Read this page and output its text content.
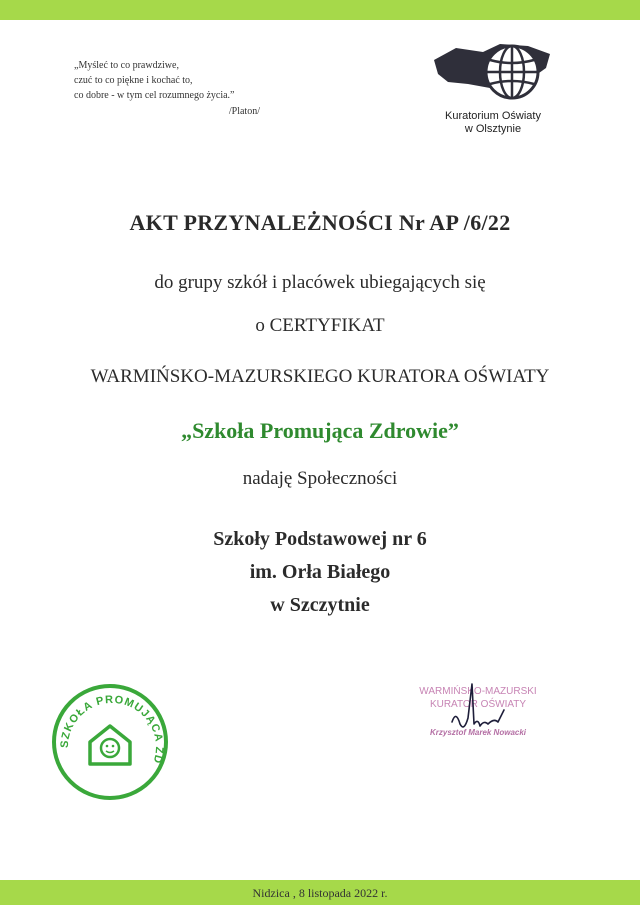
„Myśleć to co prawdziwe,
czuć to co piękne i kochać to,
co dobre - w tym cel rozumnego życia.”
/Platon/	Kuratorium Oświaty
w Olsztynie
AKT PRZYNALEŻNOŚCI Nr AP /6/22
do grupy szkół i placówek ubiegających się
o CERTYFIKAT
WARMIŃSKO-MAZURSKIEGO KURATORA OŚWIATY
„Szkoła Promująca Zdrowie”
nadaję Społeczności
Szkoły Podstawowej nr 6
im. Orła Białego
w Szczytnie
SZKOŁA PROMUJĄCA ZD
WARMIŃSKO-MAZURSKI
KURATOR OŚWIATY
Krzysztof Marek Nowacki
Nidzica , 8 listopada 2022 r.
